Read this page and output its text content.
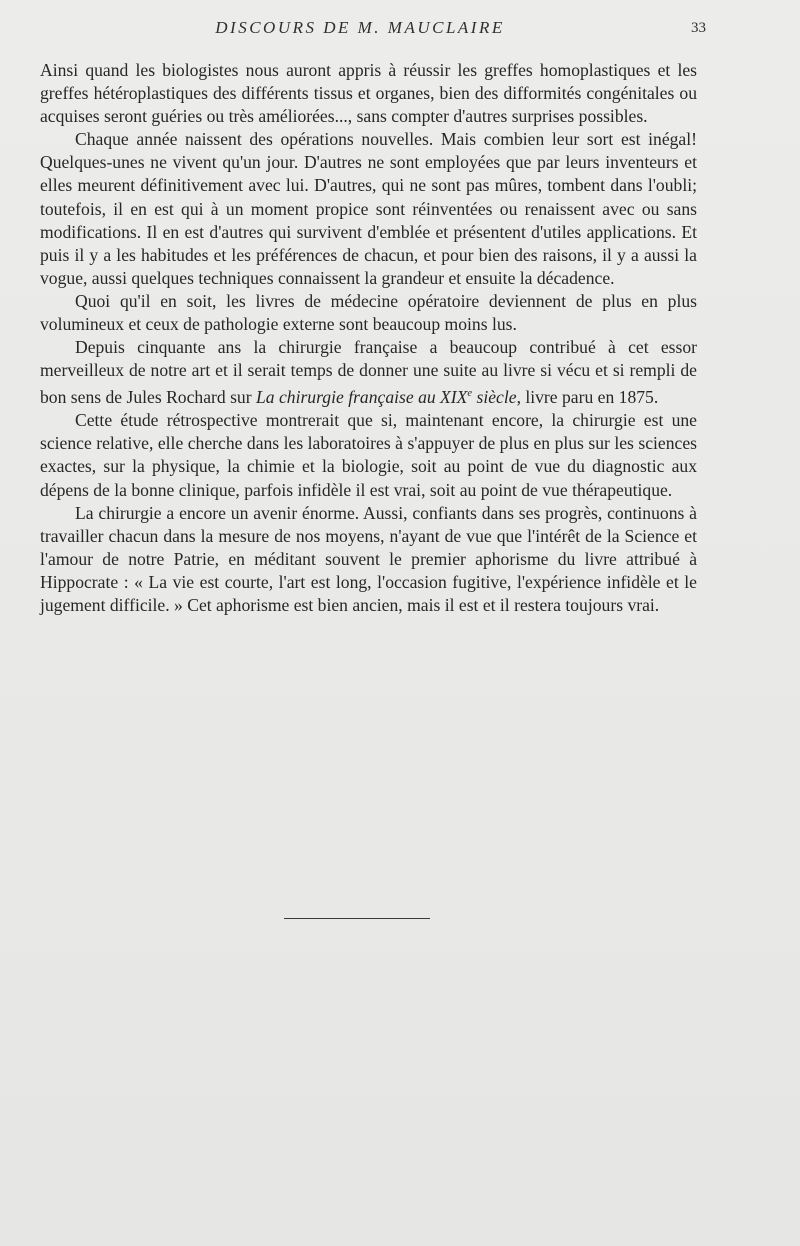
DISCOURS DE M. MAUCLAIRE	33

Ainsi quand les biologistes nous auront appris à réussir les greffes homoplastiques et les greffes hétéroplastiques des différents tissus et organes, bien des difformités congénitales ou acquises seront guéries ou très améliorées..., sans compter d'autres surprises possibles.

Chaque année naissent des opérations nouvelles. Mais combien leur sort est inégal! Quelques-unes ne vivent qu'un jour. D'autres ne sont employées que par leurs inventeurs et elles meurent définitivement avec lui. D'autres, qui ne sont pas mûres, tombent dans l'oubli; toutefois, il en est qui à un moment propice sont réinventées ou renaissent avec ou sans modifications. Il en est d'autres qui survivent d'emblée et présentent d'utiles applications. Et puis il y a les habitudes et les préférences de chacun, et pour bien des raisons, il y a aussi la vogue, aussi quelques techniques connaissent la grandeur et ensuite la décadence.

Quoi qu'il en soit, les livres de médecine opératoire deviennent de plus en plus volumineux et ceux de pathologie externe sont beaucoup moins lus.

Depuis cinquante ans la chirurgie française a beaucoup contribué à cet essor merveilleux de notre art et il serait temps de donner une suite au livre si vécu et si rempli de bon sens de Jules Rochard sur La chirurgie française au XIXe siècle, livre paru en 1875.

Cette étude rétrospective montrerait que si, maintenant encore, la chirurgie est une science relative, elle cherche dans les laboratoires à s'appuyer de plus en plus sur les sciences exactes, sur la physique, la chimie et la biologie, soit au point de vue du diagnostic aux dépens de la bonne clinique, parfois infidèle il est vrai, soit au point de vue thérapeutique.

La chirurgie a encore un avenir énorme. Aussi, confiants dans ses progrès, continuons à travailler chacun dans la mesure de nos moyens, n'ayant de vue que l'intérêt de la Science et l'amour de notre Patrie, en méditant souvent le premier aphorisme du livre attribué à Hippocrate : « La vie est courte, l'art est long, l'occasion fugitive, l'expérience infidèle et le jugement difficile. » Cet aphorisme est bien ancien, mais il est et il restera toujours vrai.
